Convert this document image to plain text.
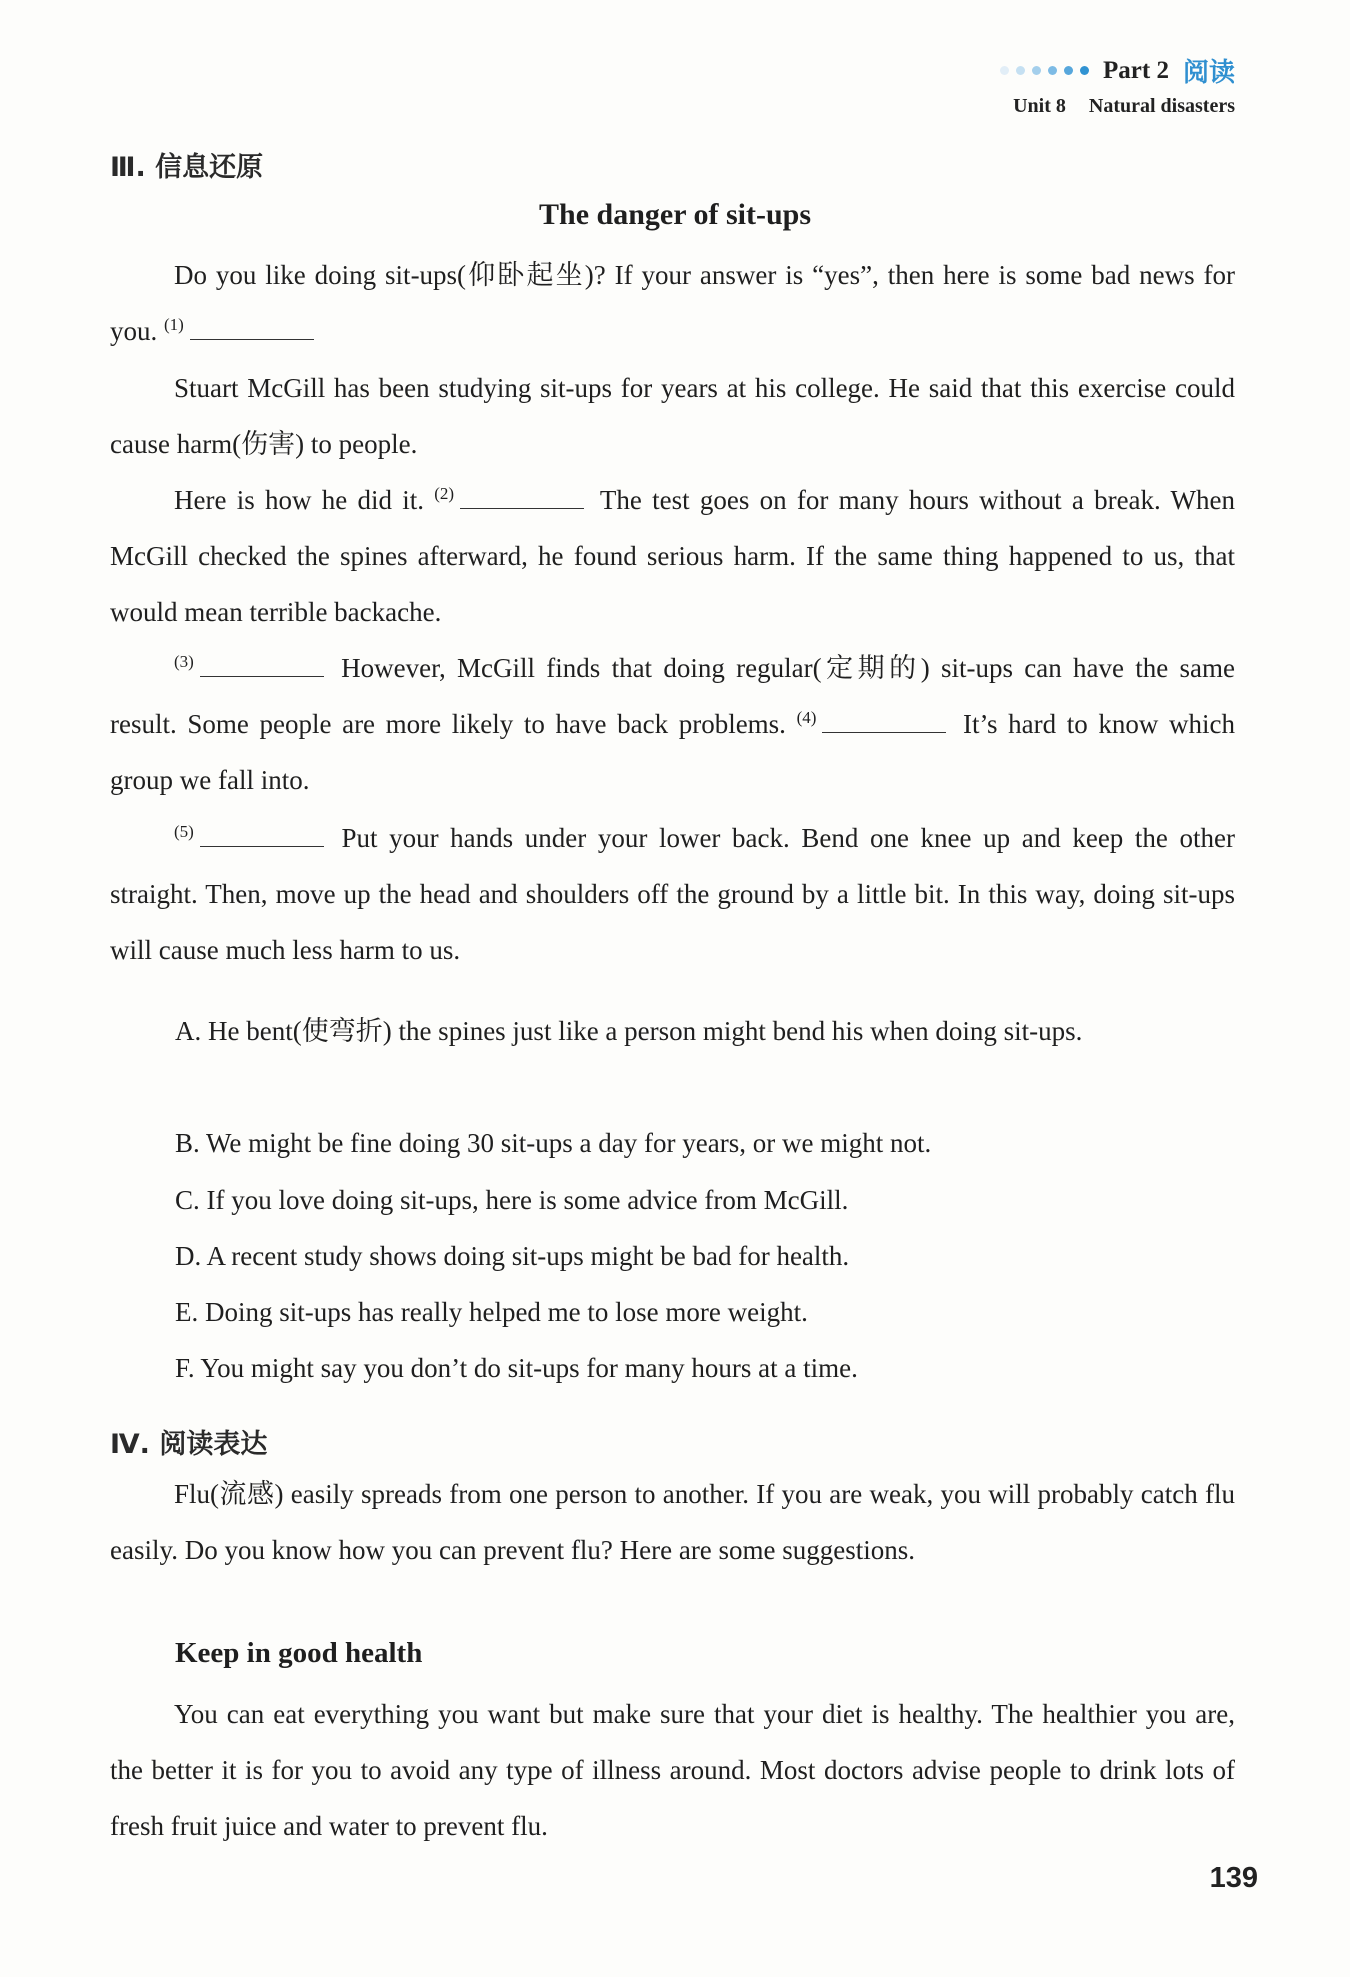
Part 2 阅读
Unit 8 Natural disasters
Ⅲ. 信息还原
The danger of sit-ups
Do you like doing sit-ups(仰卧起坐)? If your answer is “yes”, then here is some bad news for you. $^{(1)}$
Stuart McGill has been studying sit-ups for years at his college. He said that this exercise could cause harm(伤害) to people.
Here is how he did it. $^{(2)}$	The test goes on for many hours without a break. When McGill checked the spines afterward, he found serious harm. If the same thing happened to us, that would mean terrible backache.
$^{(3)}$	However, McGill finds that doing regular(定期的) sit-ups can have the same result. Some people are more likely to have back problems. $^{(4)}$	It’s hard to know which group we fall into.
$^{(5)}$	Put your hands under your lower back. Bend one knee up and keep the other straight. Then, move up the head and shoulders off the ground by a little bit. In this way, doing sit-ups will cause much less harm to us.
A. He bent(使弯折) the spines just like a person might bend his when doing sit-ups.
B. We might be fine doing 30 sit-ups a day for years, or we might not.
C. If you love doing sit-ups, here is some advice from McGill.
D. A recent study shows doing sit-ups might be bad for health.
E. Doing sit-ups has really helped me to lose more weight.
F. You might say you don’t do sit-ups for many hours at a time.
Ⅳ. 阅读表达
Flu(流感) easily spreads from one person to another. If you are weak, you will probably catch flu easily. Do you know how you can prevent flu? Here are some suggestions.
Keep in good health
You can eat everything you want but make sure that your diet is healthy. The healthier you are, the better it is for you to avoid any type of illness around. Most doctors advise people to drink lots of fresh fruit juice and water to prevent flu.
139
